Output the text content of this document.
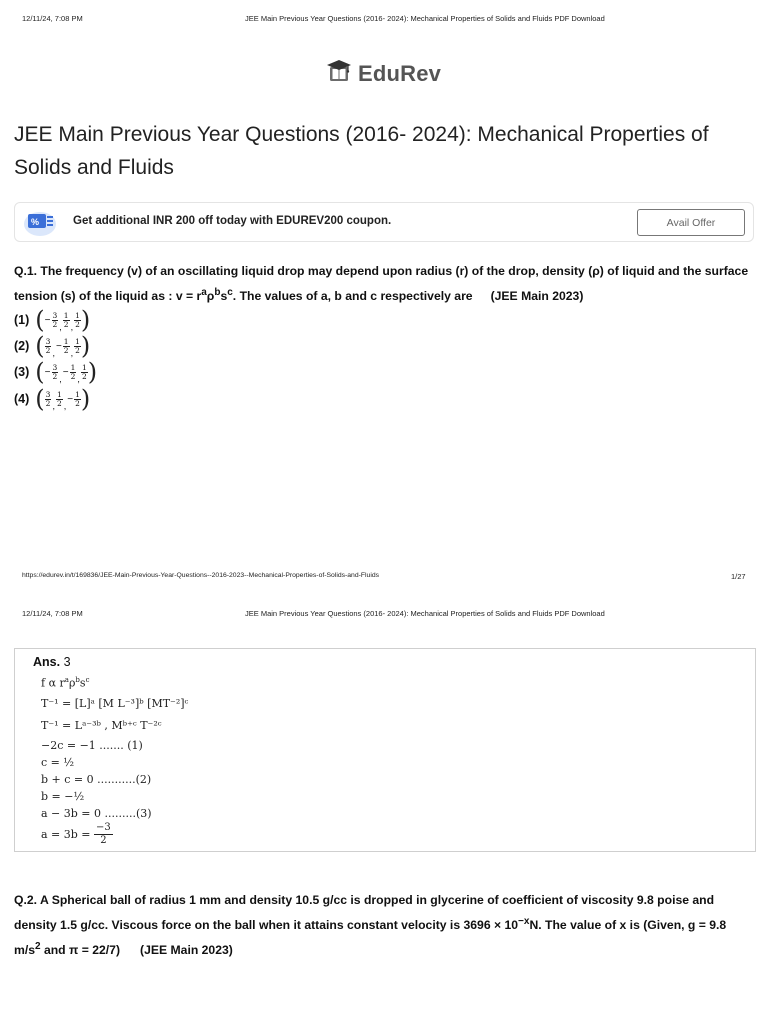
12/11/24, 7:08 PM	JEE Main Previous Year Questions (2016- 2024): Mechanical Properties of Solids and Fluids PDF Download
EduRev
JEE Main Previous Year Questions (2016- 2024): Mechanical Properties of Solids and Fluids
%	Get additional INR 200 off today with EDUREV200 coupon.	Avail Offer
Q.1. The frequency (v) of an oscillating liquid drop may depend upon radius (r) of the drop, density (ρ) of liquid and the surface
tension (s) of the liquid as : $v = r^a\rho^bs^c$. The values of a, b and c respectively are (JEE Main 2023)
(1) ( − $\frac{3}{2}$ , $\frac{1}{2}$ , $\frac{1}{2}$ )
(2) ( $\frac{3}{2}$ ,
− $\frac{1}{2}$ , $\frac{1}{2}$ )
(3) ( − $\frac{3}{2}$ ,
− $\frac{1}{2}$ , $\frac{1}{2}$ )
(4) ( $\frac{3}{2}$ , $\frac{1}{2}$ ,
− $\frac{1}{2}$ )
https://edurev.in/t/169836/JEE-Main-Previous-Year-Questions--2016-2023--Mechanical-Properties-of-Solids-and-Fluids	1/27
12/11/24, 7:08 PM	JEE Main Previous Year Questions (2016- 2024): Mechanical Properties of Solids and Fluids PDF Download
Ans. 3
f α $r^a\rho^bs^c$
T⁻¹ = [L]ᵃ [M L⁻³]ᵇ [MT⁻²]ᶜ
T⁻¹ = Lᵃ⁻³ᵇ , Mᵇ⁺ᶜ T⁻²ᶜ
−2c = −1 ....... (1)
c = ½
b + c = 0 ...........(2)
b = −½
a − 3b = 0 .........(3)
$a = 3b = \frac{-3}{2}$
Q.2. A Spherical ball of radius 1 mm and density 10.5 g/cc is dropped in glycerine of coefficient of viscosity 9.8 poise and
density 1.5 g/cc. Viscous force on the ball when it attains constant velocity is $3696 \times 10^{-x}N$. The value of x is (Given, g = 9.8
$m/s^2$ and π = 22/7) (JEE Main 2023)
